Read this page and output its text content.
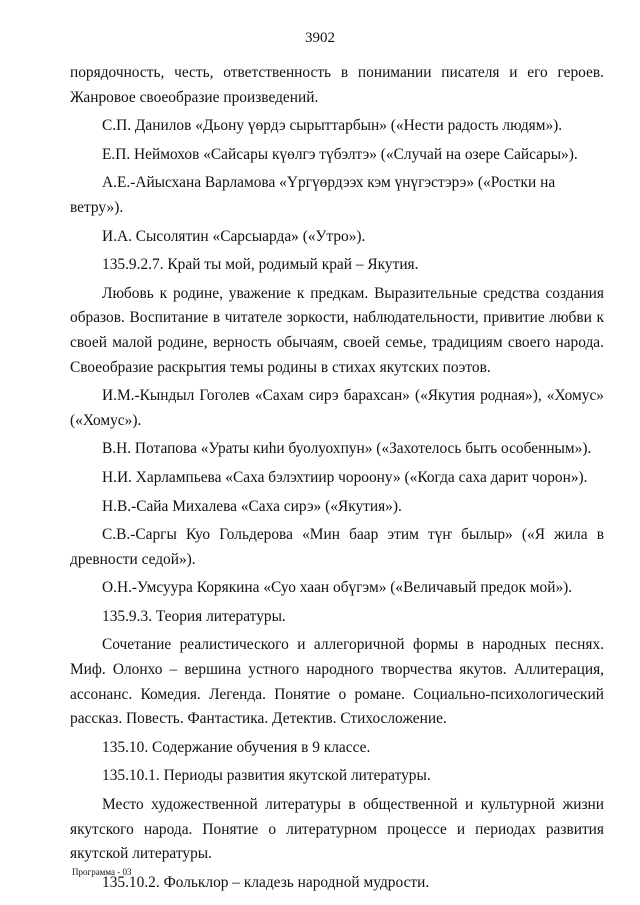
3902

порядочность, честь, ответственность в понимании писателя и его героев. Жанровое своеобразие произведений.

С.П. Данилов «Дьону үөрдэ сырыттарбын» («Нести радость людям»).

Е.П. Неймохов «Сайсары күөлгэ түбэлтэ» («Случай на озере Сайсары»).

А.Е.-Айысхана Варламова «Үргүөрдээх кэм үнүгэстэрэ» («Ростки на ветру»).

И.А. Сысолятин «Сарсыарда» («Утро»).

135.9.2.7. Край ты мой, родимый край – Якутия.

Любовь к родине, уважение к предкам. Выразительные средства создания образов. Воспитание в читателе зоркости, наблюдательности, привитие любви к своей малой родине, верность обычаям, своей семье, традициям своего народа. Своеобразие раскрытия темы родины в стихах якутских поэтов.

И.М.-Кындыл Гоголев «Сахам сирэ барахсан» («Якутия родная»), «Хомус» («Хомус»).

В.Н. Потапова «Ураты киһи буолуохпун» («Захотелось быть особенным»).

Н.И. Харлампьева «Саха бэлэхтиир чороону» («Когда саха дарит чорон»).

Н.В.-Сайа Михалева «Саха сирэ» («Якутия»).

С.В.-Саргы Куо Гольдерова «Мин баар этим түҥ былыр» («Я жила в древности седой»).

О.Н.-Умсуура Корякина «Суо хаан обүгэм» («Величавый предок мой»).

135.9.3. Теория литературы.

Сочетание реалистического и аллегоричной формы в народных песнях. Миф. Олонхо – вершина устного народного творчества якутов. Аллитерация, ассонанс. Комедия. Легенда. Понятие о романе. Социально-психологический рассказ. Повесть. Фантастика. Детектив. Стихосложение.

135.10. Содержание обучения в 9 классе.

135.10.1. Периоды развития якутской литературы.

Место художественной литературы в общественной и культурной жизни якутского народа. Понятие о литературном процессе и периодах развития якутской литературы.

135.10.2. Фольклор – кладезь народной мудрости.

Программа - 03
